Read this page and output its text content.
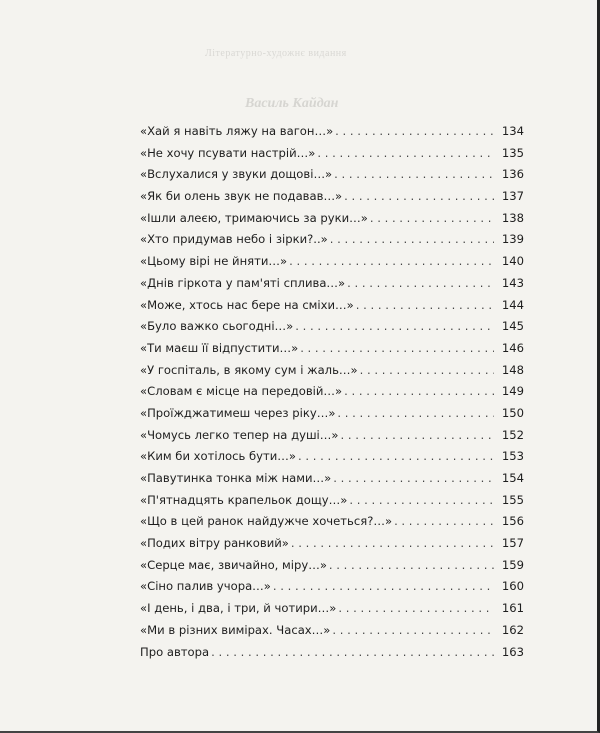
Літературно-художнє видання
Василь Кайдан
«Хай я навіть ляжу на вагон…» . . .	134
«Не хочу псувати настрій…» . . .	135
«Вслухалися у звуки дощові…» . . .	136
«Як би олень звук не подавав…» . . .	137
«Ішли алеєю, тримаючись за руки…» . . .	138
«Хто придумав небо і зірки?..» . . .	139
«Цьому вірі не йняти…» . . .	140
«Днів гіркота у пам'яті сплива…» . . .	143
«Може, хтось нас бере на сміхи…» . . .	144
«Було важко сьогодні…» . . .	145
«Ти маєш її відпустити…» . . .	146
«У госпіталь, в якому сум і жаль…» . . .	148
«Словам є місце на передовій…» . . .	149
«Проїжджатимеш через ріку…» . . .	150
«Чомусь легко тепер на душі…» . . .	152
«Ким би хотілось бути…» . . .	153
«Павутинка тонка між нами…» . . .	154
«П'ятнадцять крапельок дощу…» . . .	155
«Що в цей ранок найдужче хочеться?…» . . .	156
«Подих вітру ранковий» . . .	157
«Серце має, звичайно, міру…» . . .	159
«Сіно палив учора…» . . .	160
«І день, і два, і три, й чотири…» . . .	161
«Ми в різних вимірах. Часах…» . . .	162
Про автора . . .	163
